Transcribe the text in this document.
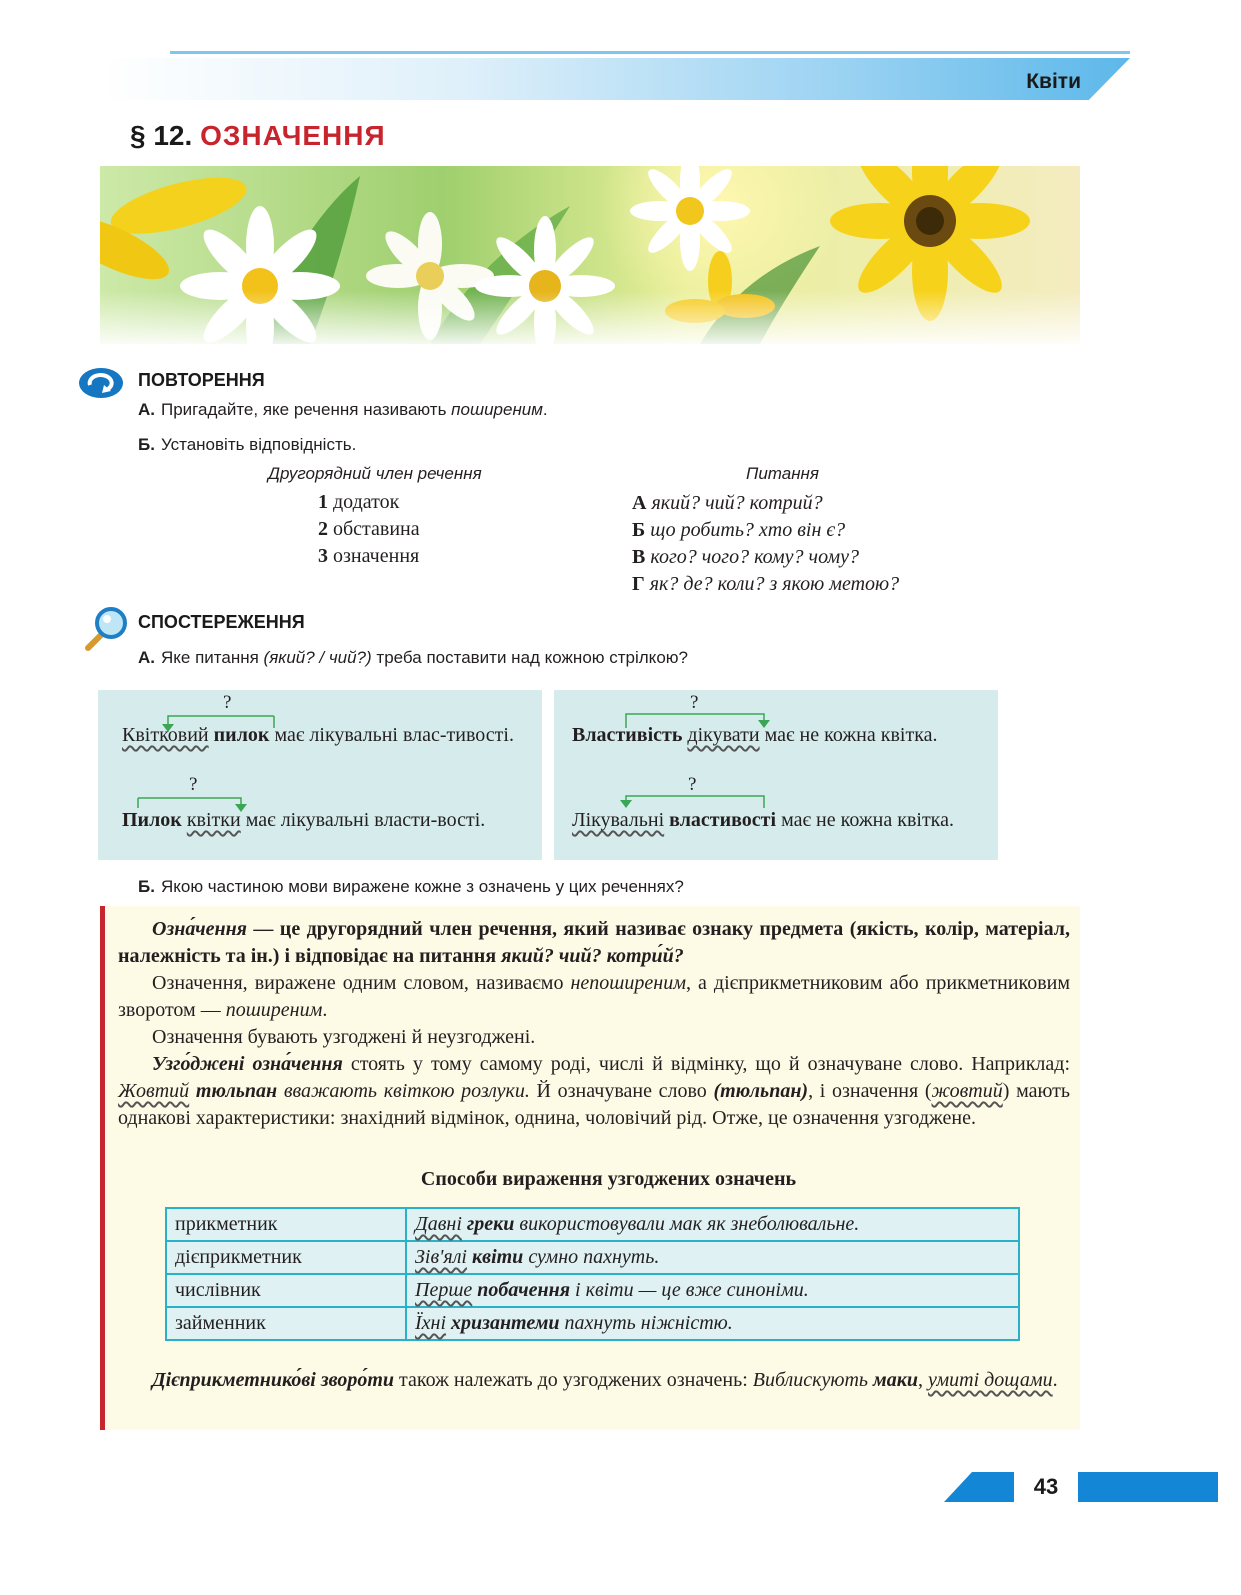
Квіти
§ 12. ОЗНАЧЕННЯ
ПОВТОРЕННЯ
А. Пригадайте, яке речення називають поширеним.
Б. Установіть відповідність.
Другорядний член речення	Питання
1 додаток
2 обставина
3 означення
А який? чий? котрий?
Б що робить? хто він є?
В кого? чого? кому? чому?
Г як? де? коли? з якою метою?
СПОСТЕРЕЖЕННЯ
А. Яке питання (який? / чий?) треба поставити над кожною стрілкою?
?
Квітковий пилок має лікувальні влас-тивості.
?
Пилок квітки має лікувальні власти-вості.
?
Властивість дікувати має не кожна квітка.
?
Лікувальні властивості має не кожна квітка.
Б. Якою частиною мови виражене кожне з означень у цих реченнях?
Озна́чення — це другорядний член речення, який називає ознаку предмета (якість, колір, матеріал, належність та ін.) і відповідає на питання який? чий? котри́й?
Означення, виражене одним словом, називаємо непоширеним, а дієприкметниковим або прикметниковим зворотом — поширеним.
Означення бувають узгоджені й неузгоджені.
Узго́джені озна́чення стоять у тому самому роді, числі й відмінку, що й означуване слово. Наприклад: Жовтий тюльпан вважають квіткою розлуки. Й означуване слово (тюльпан), і означення (жовтий) мають однакові характеристики: знахідний відмінок, однина, чоловічий рід. Отже, це означення узгоджене.
Способи вираження узгоджених означень
прикметник	Давні греки використовували мак як знеболювальне.
дієприкметник	Зів'ялі квіти сумно пахнуть.
числівник	Перше побачення і квіти — це вже синоніми.
займенник	Їхні хризантеми пахнуть ніжністю.
Дієприкметнико́ві зворо́ти також належать до узгоджених означень: Виблискують маки, умиті дощами.
43
